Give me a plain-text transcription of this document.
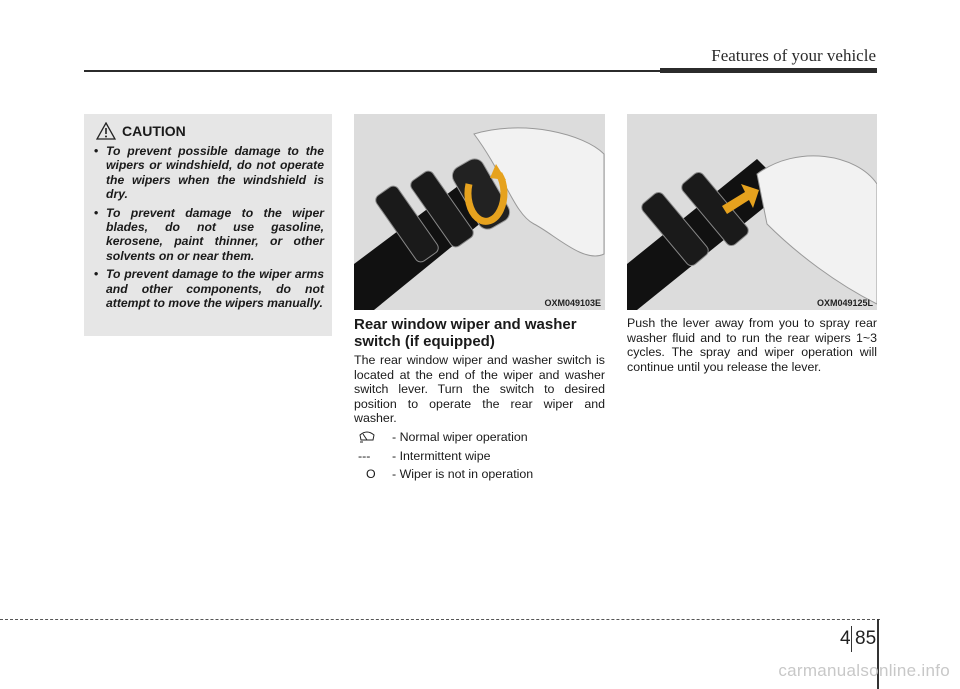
Features of your vehicle
CAUTION
• To prevent possible damage to the wipers or windshield, do not operate the wipers when the windshield is dry.
• To prevent damage to the wiper blades, do not use gasoline, kerosene, paint thinner, or other solvents on or near them.
• To prevent damage to the wiper arms and other components, do not attempt to move the wipers manually.	OXM049103E	OXM049125L
Rear window wiper and washer switch (if equipped)
The rear window wiper and washer switch is located at the end of the wiper and washer switch lever. Turn the switch to desired position to operate the rear wiper and washer.
- Normal wiper operation
---	- Intermittent wipe
O	- Wiper is not in operation
Push the lever away from you to spray rear washer fluid and to run the rear wipers 1~3 cycles. The spray and wiper operation will continue until you release the lever.
4 85
carmanualsonline.info
